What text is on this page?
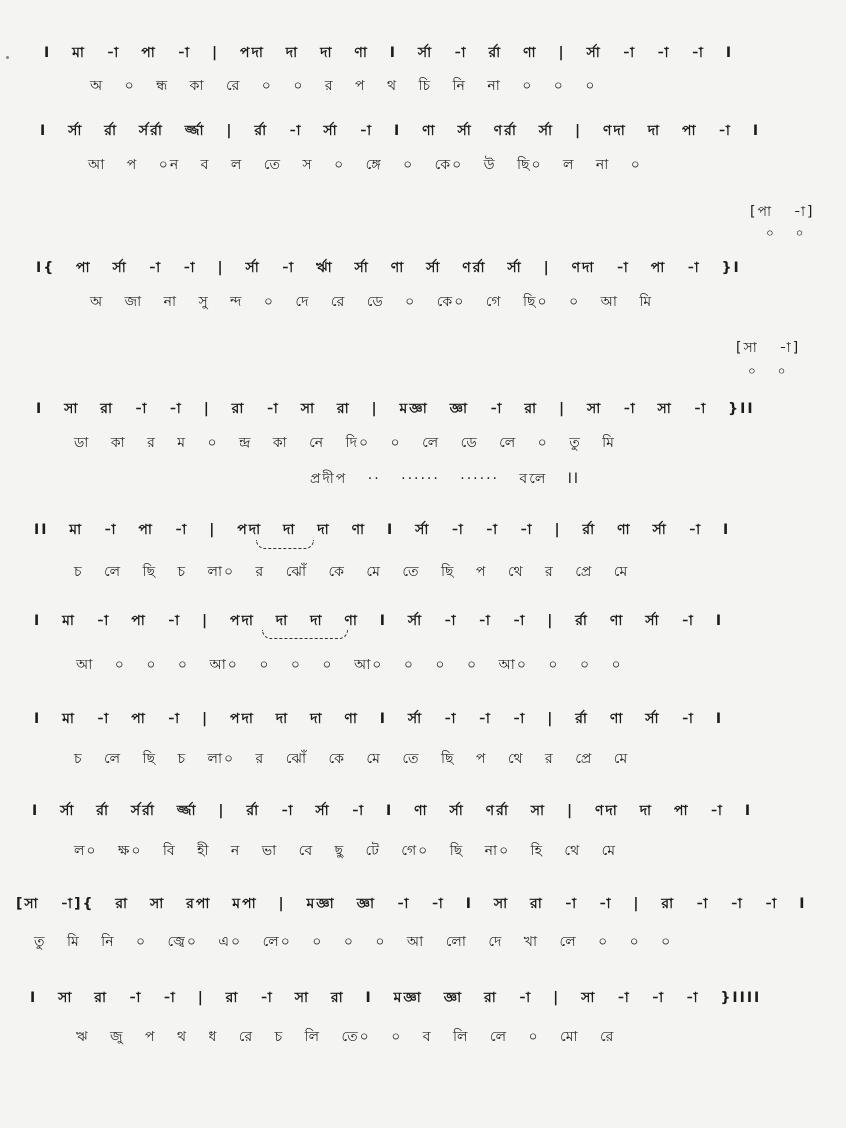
I মা -া পা -া | পদা দা দা ণা I র্সা -া র্রা ণা | র্সা -া -া -া I
অ ০ ন্ধ কা রে ০ ০ র প থ চি নি না ০ ০ ০
I র্সা র্রা র্সর্রা র্জ্জা | র্রা -া র্সা -া I ণা র্সা ণর্রা র্সা | ণদা দা পা -া I
আ প ০ন ব ল তে স ০ ঙ্গে ০ কে০ উ ছি০ ল না ০
[পা -া]
০ ০
I{ পা র্সা -া -া | র্সা -া র্ঋা র্সা ণা র্সা ণর্রা র্সা | ণদা -া পা -া }I
অ জা না সু ন্দ ০ দে রে ডে ০ কে০ গে ছি০ ০ আ মি
[সা -া]
০ ০
I সা রা -া -া | রা -া সা রা | মজ্ঞা জ্ঞা -া রা | সা -া সা -া }II
ডা কা র ম ০ ন্দ্র কা নে দি০ ০ লে ডে লে ০ তু মি
প্রদীপ ·· ······ ······ বলে II
II মা -া পা -া | পদা দা দা ণা I র্সা -া -া -া | র্রা ণা র্সা -া I
চ লে ছি চ লা০ র ঝোঁ কে মে তে ছি প থে র প্রে মে
I মা -া পা -া | পদা দা দা ণা I র্সা -া -া -া | র্রা ণা র্সা -া I
আ ০ ০ ০ আ০ ০ ০ ০ আ০ ০ ০ ০ আ০ ০ ০ ০
I মা -া পা -া | পদা দা দা ণা I র্সা -া -া -া | র্রা ণা র্সা -া I
চ লে ছি চ লা০ র ঝোঁ কে মে তে ছি প থে র প্রে মে
I র্সা র্রা র্সর্রা র্জ্জা | র্রা -া র্সা -া I ণা র্সা ণর্রা সা | ণদা দা পা -া I
ল০ ক্ষ০ বি হী ন ভা বে ছু টে গে০ ছি না০ হি থে মে
[সা -া]{ রা সা রপা মপা | মজ্ঞা জ্ঞা -া -া I সা রা -া -া | রা -া -া -া I
তু মি নি ০ জ্বে০ এ০ লে০ ০ ০ ০ আ লো দে খা লে ০ ০ ০
I সা রা -া -া | রা -া সা রা I মজ্ঞা জ্ঞা রা -া | সা -া -া -া }IIII
ঋ জু প থ ধ রে চ লি তে০ ০ ব লি লে ০ মো রে
